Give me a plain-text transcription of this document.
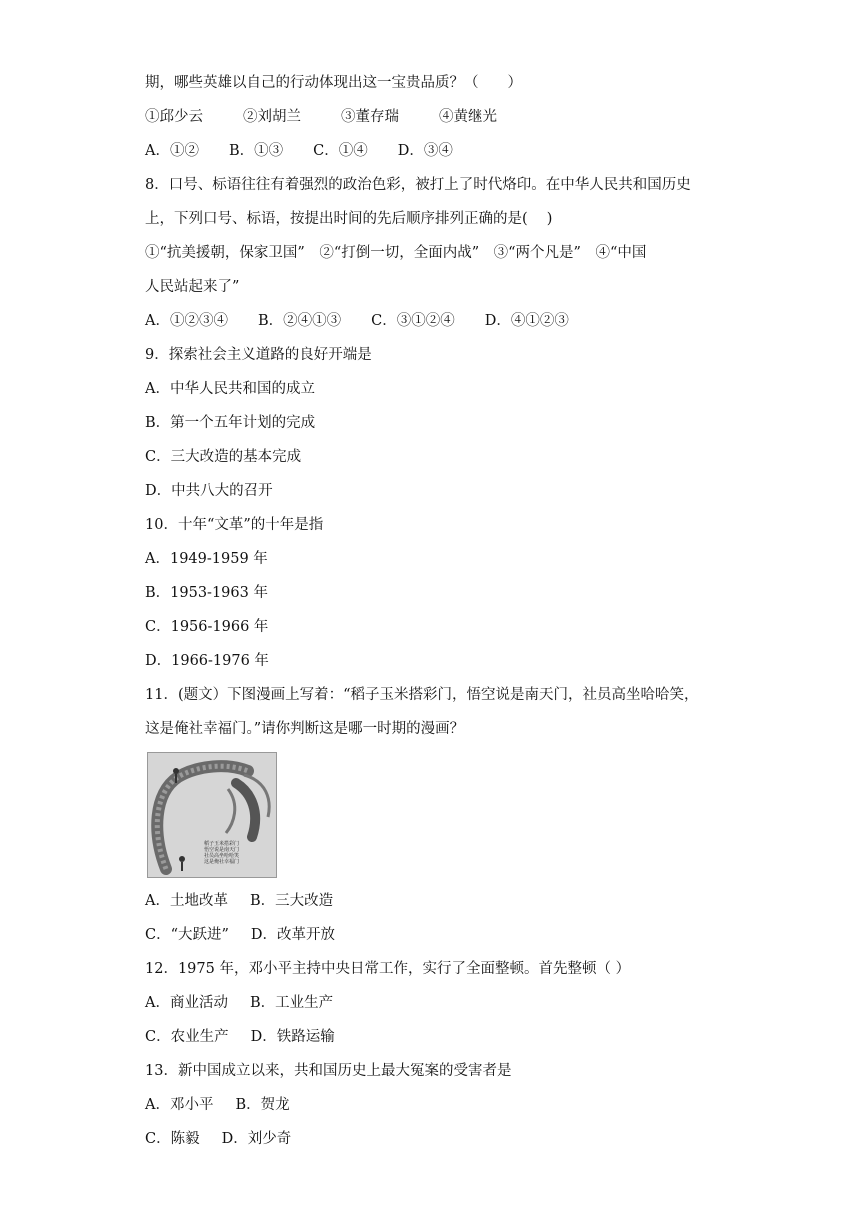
期，哪些英雄以自己的行动体现出这一宝贵品质？（　　）
①邱少云	②刘胡兰	③董存瑞	④黄继光
A．①② B．①③ C．①④ D．③④
8．口号、标语往往有着强烈的政治色彩，被打上了时代烙印。在中华人民共和国历史
上，下列口号、标语，按提出时间的先后顺序排列正确的是(　 )
①“抗美援朝，保家卫国”　②“打倒一切，全面内战”　③“两个凡是”　④“中国
人民站起来了”
A．①②③④ B．②④①③ C．③①②④ D．④①②③
9．探索社会主义道路的良好开端是
A．中华人民共和国的成立
B．第一个五年计划的完成
C．三大改造的基本完成
D．中共八大的召开
10．十年“文革”的十年是指
A．1949-1959 年
B．1953-1963 年
C．1956-1966 年
D．1966-1976 年
11．(题文）下图漫画上写着：“稻子玉米搭彩门，悟空说是南天门，社员高坐哈哈笑，
这是俺社幸福门。”请你判断这是哪一时期的漫画？
稻子玉米搭彩门
悟空说是南天门
社员高坐哈哈笑
这是俺社幸福门
A．土地改革 B．三大改造
C．“大跃进” D．改革开放
12．1975 年，邓小平主持中央日常工作，实行了全面整顿。首先整顿（ ）
A．商业活动 B．工业生产
C．农业生产 D．铁路运输
13．新中国成立以来，共和国历史上最大冤案的受害者是
A．邓小平 B．贺龙
C．陈毅 D．刘少奇
